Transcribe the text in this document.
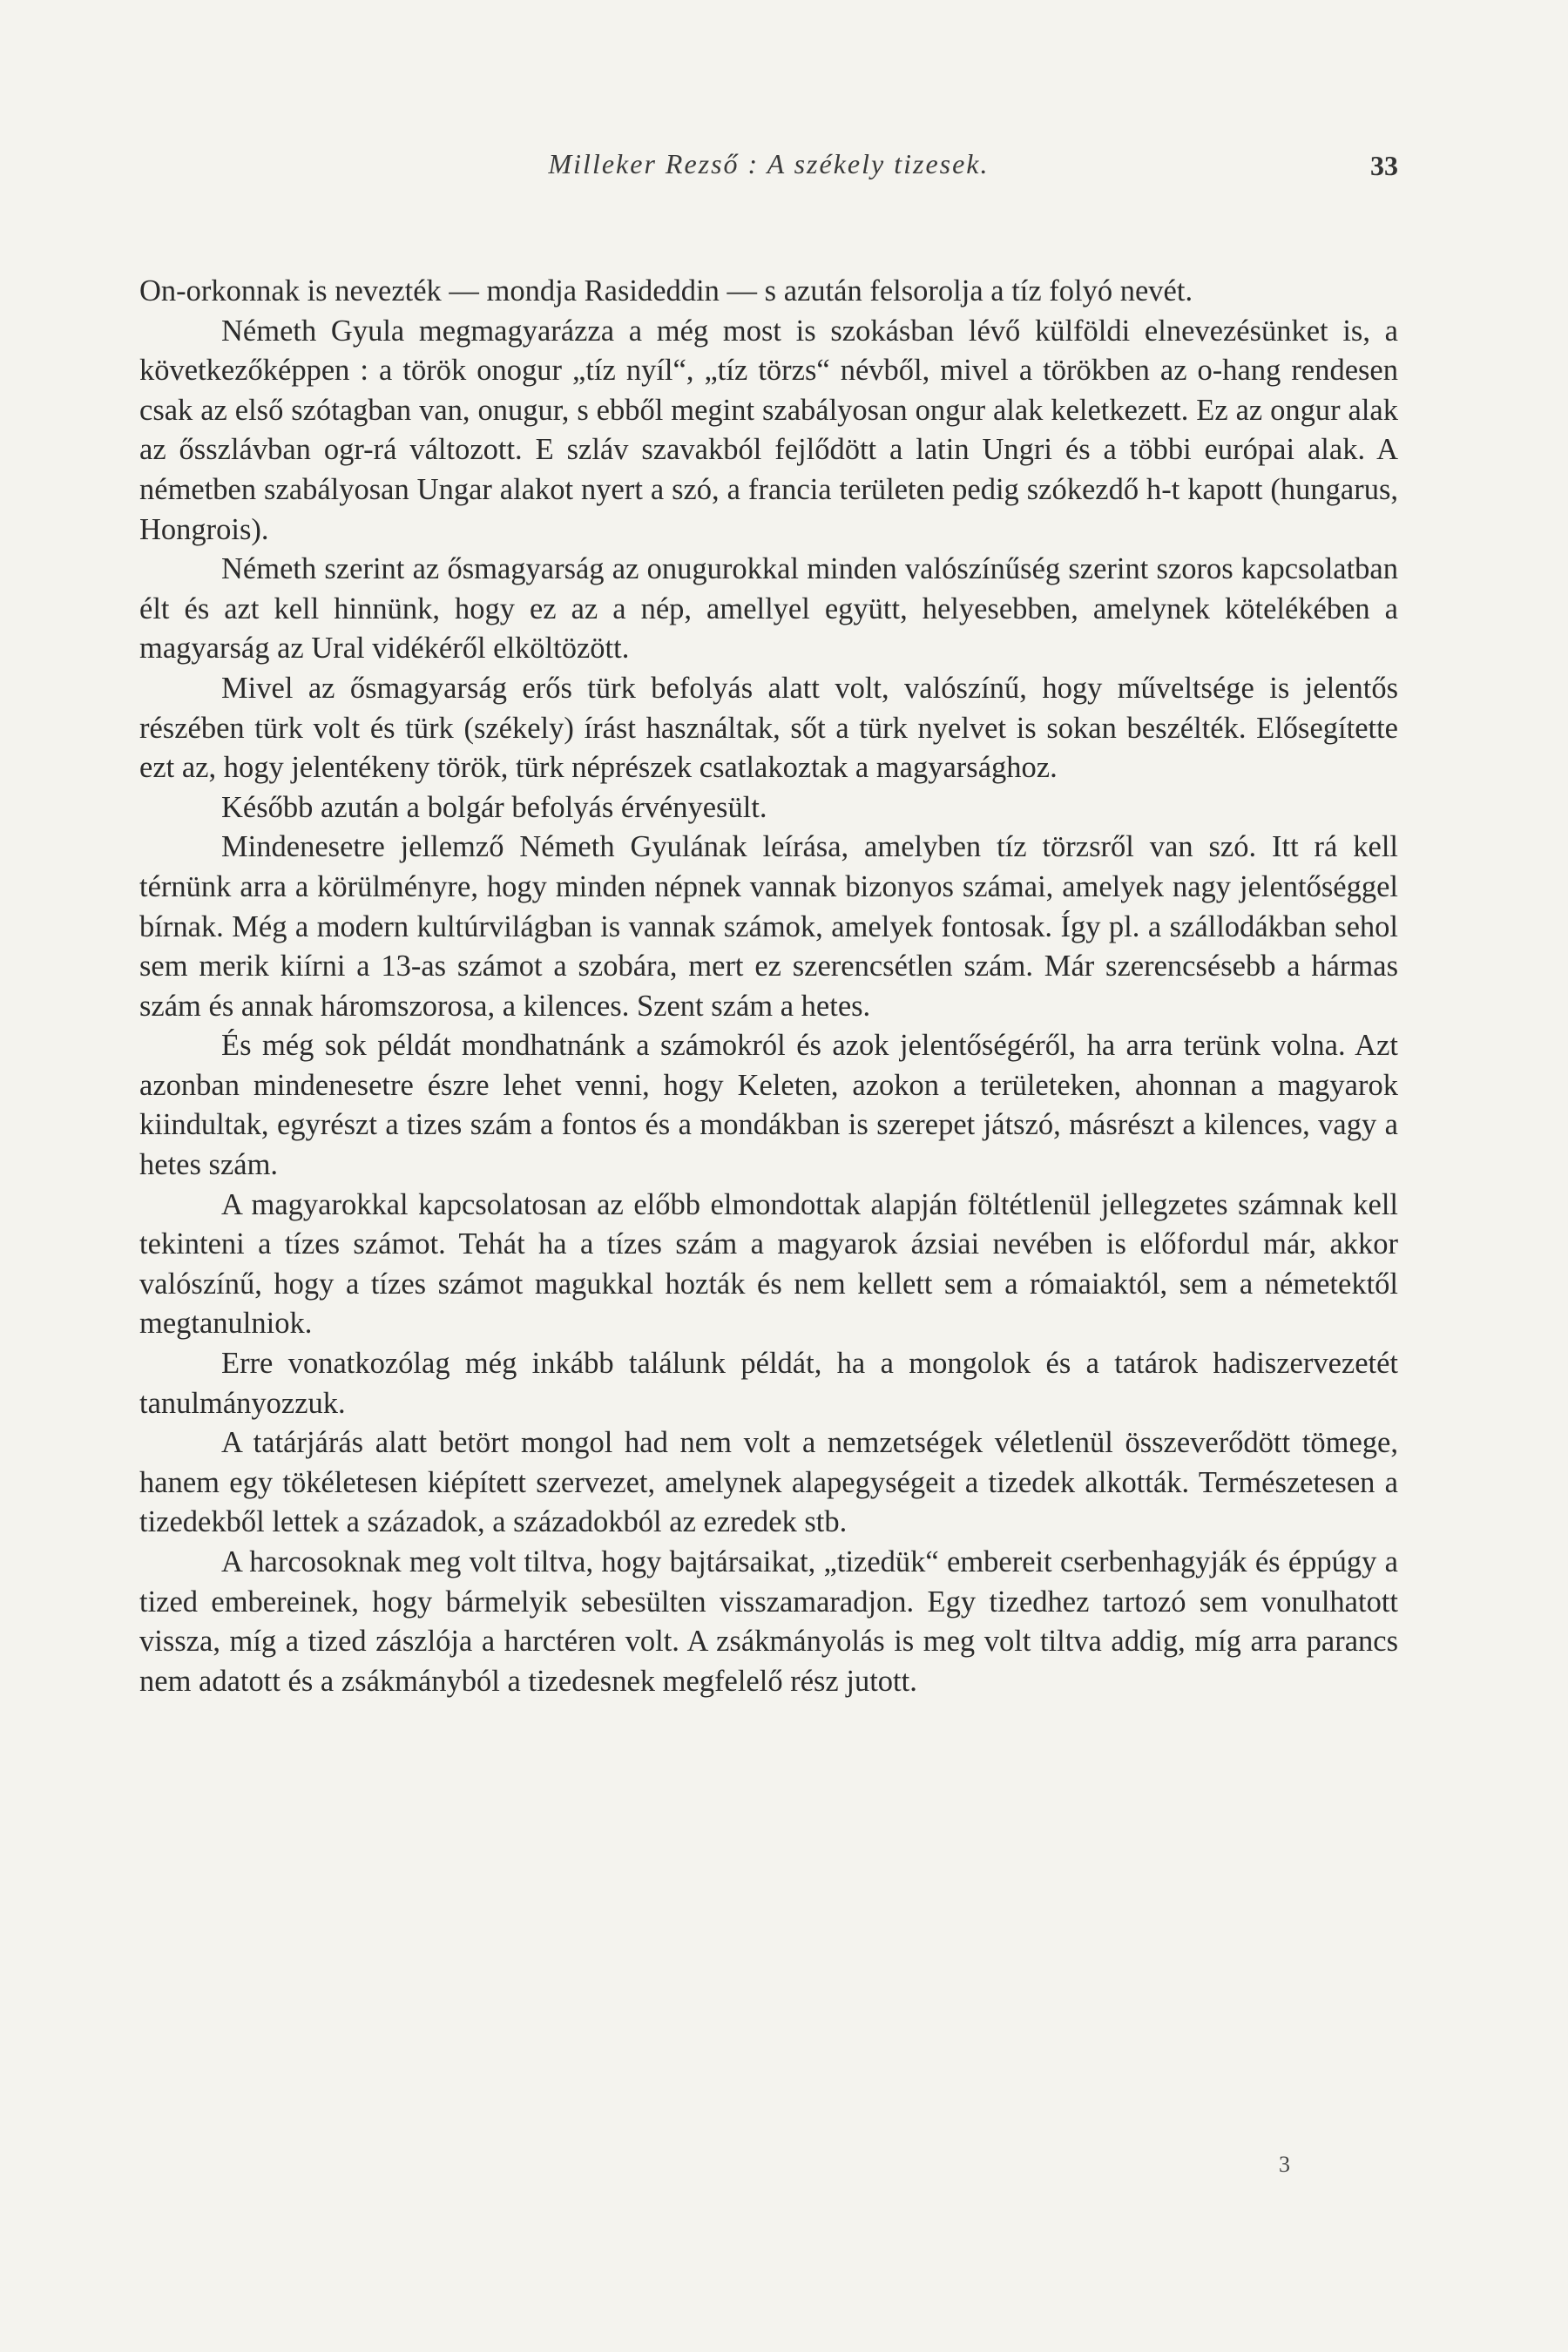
Milleker Rezső : A székely tizesek.	33

On-orkonnak is nevezték — mondja Rasideddin — s azután felsorolja a tíz folyó nevét.

Németh Gyula megmagyarázza a még most is szokásban lévő külföldi elnevezésünket is, a következőképpen : a török onogur „tíz nyíl“, „tíz törzs“ névből, mivel a törökben az o-hang rendesen csak az első szótagban van, onugur, s ebből megint szabályosan ongur alak keletkezett. Ez az ongur alak az ősszlávban ogr-rá változott. E szláv szavakból fejlődött a latin Ungri és a többi európai alak. A németben szabályosan Ungar alakot nyert a szó, a francia területen pedig szókezdő h-t kapott (hungarus, Hongrois).

Németh szerint az ősmagyarság az onugurokkal minden valószínűség szerint szoros kapcsolatban élt és azt kell hinnünk, hogy ez az a nép, amellyel együtt, helyesebben, amelynek kötelékében a magyarság az Ural vidékéről elköltözött.

Mivel az ősmagyarság erős türk befolyás alatt volt, valószínű, hogy műveltsége is jelentős részében türk volt és türk (székely) írást használtak, sőt a türk nyelvet is sokan beszélték. Elősegítette ezt az, hogy jelentékeny török, türk néprészek csatlakoztak a magyarsághoz.

Később azután a bolgár befolyás érvényesült.

Mindenesetre jellemző Németh Gyulának leírása, amelyben tíz törzsről van szó. Itt rá kell térnünk arra a körülményre, hogy minden népnek vannak bizonyos számai, amelyek nagy jelentőséggel bírnak. Még a modern kultúrvilágban is vannak számok, amelyek fontosak. Így pl. a szállodákban sehol sem merik kiírni a 13-as számot a szobára, mert ez szerencsétlen szám. Már szerencsésebb a hármas szám és annak háromszorosa, a kilences. Szent szám a hetes.

És még sok példát mondhatnánk a számokról és azok jelentőségéről, ha arra terünk volna. Azt azonban mindenesetre észre lehet venni, hogy Keleten, azokon a területeken, ahonnan a magyarok kiindultak, egyrészt a tizes szám a fontos és a mondákban is szerepet játszó, másrészt a kilences, vagy a hetes szám.

A magyarokkal kapcsolatosan az előbb elmondottak alapján föltétlenül jellegzetes számnak kell tekinteni a tízes számot. Tehát ha a tízes szám a magyarok ázsiai nevében is előfordul már, akkor valószínű, hogy a tízes számot magukkal hozták és nem kellett sem a rómaiaktól, sem a németektől megtanulniok.

Erre vonatkozólag még inkább találunk példát, ha a mongolok és a tatárok hadiszervezetét tanulmányozzuk.

A tatárjárás alatt betört mongol had nem volt a nemzetségek véletlenül összeverődött tömege, hanem egy tökéletesen kiépített szervezet, amelynek alapegységeit a tizedek alkották. Természetesen a tizedekből lettek a századok, a századokból az ezredek stb.

A harcosoknak meg volt tiltva, hogy bajtársaikat, „tizedük“ embereit cserbenhagyják és éppúgy a tized embereinek, hogy bármelyik sebesülten visszamaradjon. Egy tizedhez tartozó sem vonulhatott vissza, míg a tized zászlója a harctéren volt. A zsákmányolás is meg volt tiltva addig, míg arra parancs nem adatott és a zsákmányból a tizedesnek megfelelő rész jutott.

3
